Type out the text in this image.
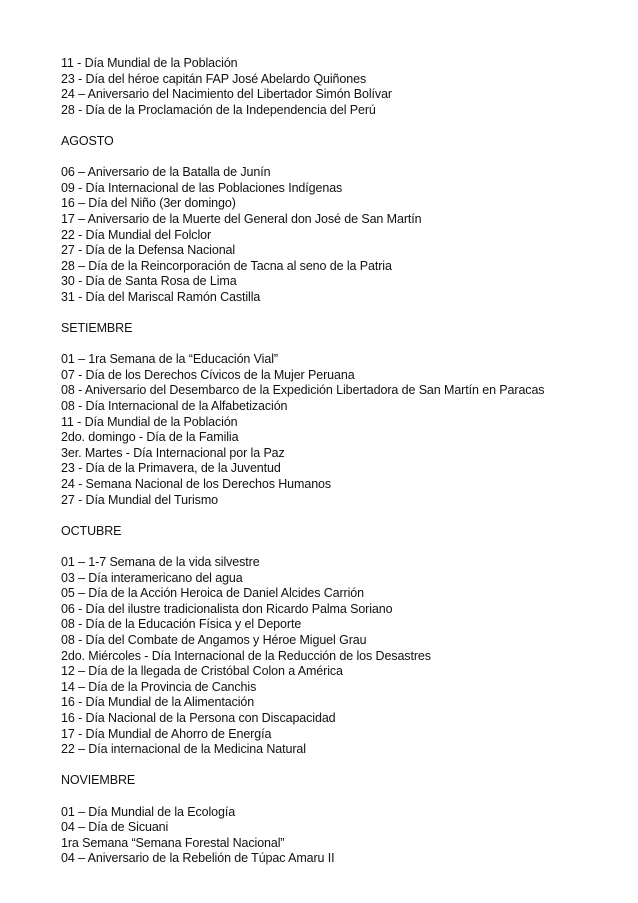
11 - Día Mundial de la Población

23 - Día del héroe capitán FAP José Abelardo Quiñones

24 – Aniversario del Nacimiento del Libertador Simón Bolívar

28 - Día de la Proclamación de la Independencia del Perú

AGOSTO

06 – Aniversario de la Batalla de Junín

09 - Día Internacional de las Poblaciones Indígenas

16 – Día del Niño (3er domingo)

17 – Aniversario de la Muerte del General don José de San Martín

22 - Día Mundial del Folclor

27 - Día de la Defensa Nacional

28 – Día de la Reincorporación de Tacna al seno de la Patria

30 - Día de Santa Rosa de Lima

31 - Día del Mariscal Ramón Castilla

SETIEMBRE

01 – 1ra Semana de la “Educación Vial”

07 - Día de los Derechos Cívicos de la Mujer Peruana

08 - Aniversario del Desembarco de la Expedición Libertadora de San Martín en Paracas

08 - Día Internacional de la Alfabetización

11 - Día Mundial de la Población

2do. domingo - Día de la Familia

3er. Martes - Día Internacional por la Paz

23 - Día de la Primavera, de la Juventud

24 - Semana Nacional de los Derechos Humanos

27 - Día Mundial del Turismo

OCTUBRE

01 – 1-7 Semana de la vida silvestre

03 – Día interamericano del agua

05 – Día de la Acción Heroica de Daniel Alcides Carrión

06 - Día del ilustre tradicionalista don Ricardo Palma Soriano

08 - Día de la Educación Física y el Deporte

08 - Día del Combate de Angamos y Héroe Miguel Grau

2do. Miércoles - Día Internacional de la Reducción de los Desastres

12 – Día de la llegada de Cristóbal Colon a América

14 – Día de la Provincia de Canchis

16 - Día Mundial de la Alimentación

16 - Día Nacional de la Persona con Discapacidad

17 - Día Mundial de Ahorro de Energía

22 – Día internacional de la Medicina Natural

NOVIEMBRE

01 – Día Mundial de la Ecología

04 – Día de Sicuani

1ra Semana “Semana Forestal Nacional”

04 – Aniversario de la Rebelión de Túpac Amaru II
